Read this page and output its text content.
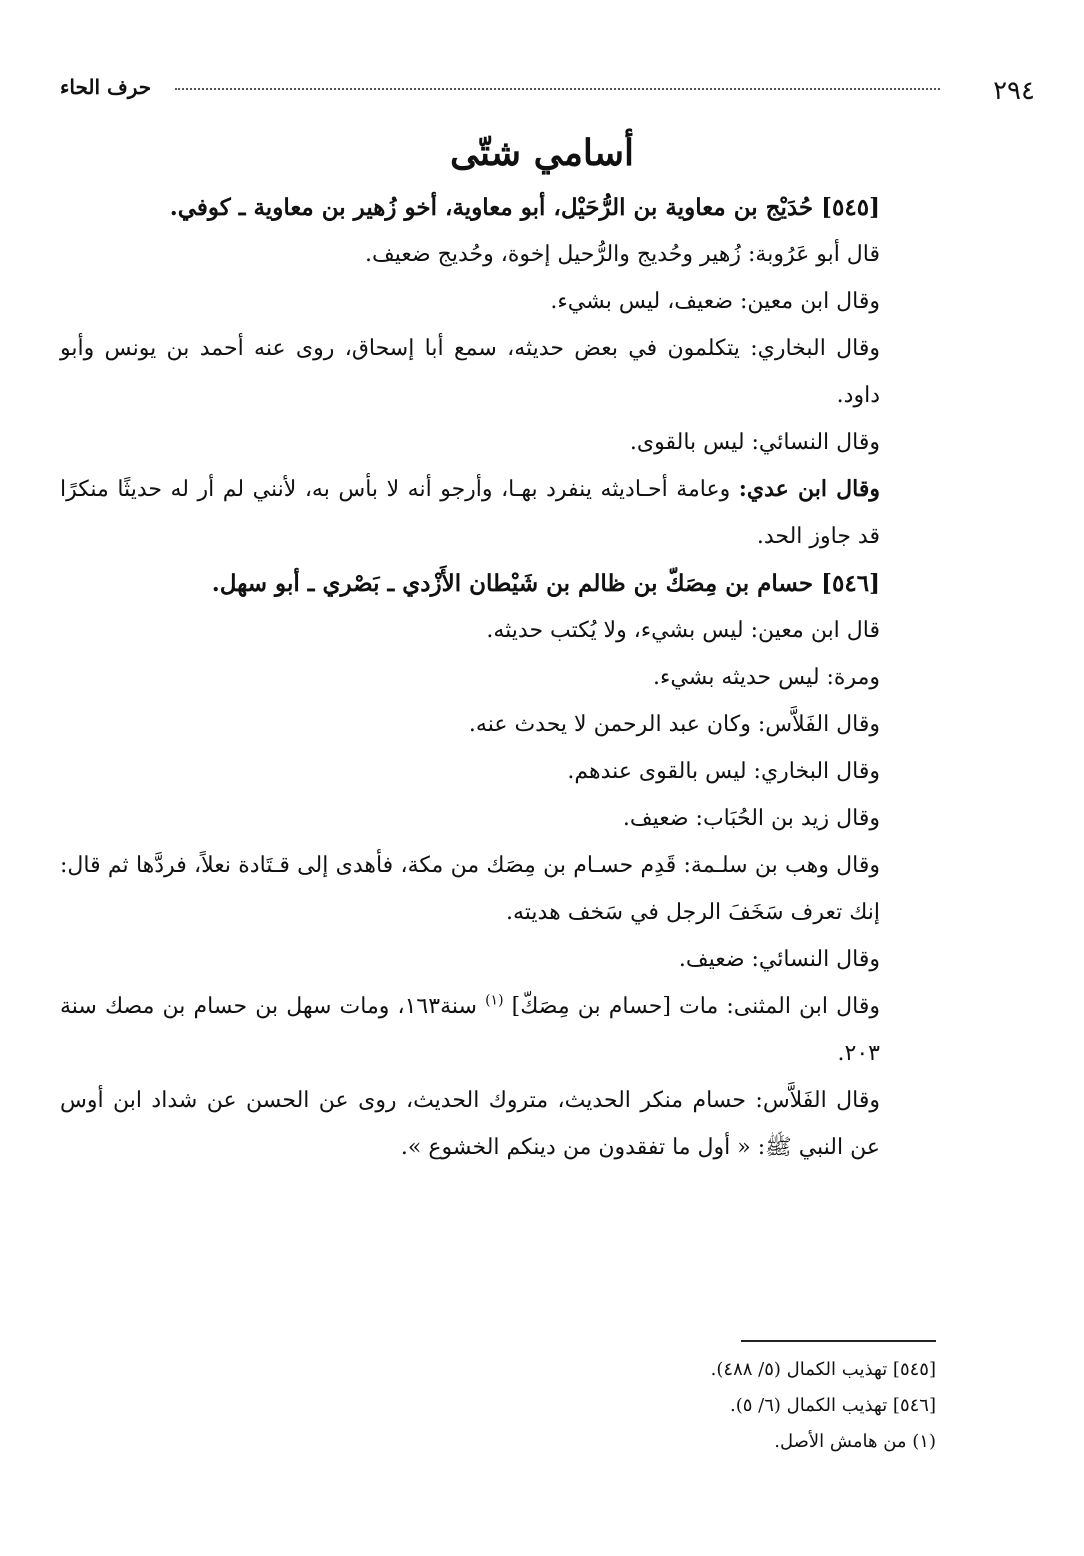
٢٩٤
حرف الحاء
أسامي شتّى

[٥٤٥] حُدَيْج بن معاوية بن الرُّحَيْل، أبو معاوية، أخو زُهير بن معاوية ـ كوفي.

قال أبو عَرُوبة: زُهير وحُديج والرُّحيل إخوة، وحُديج ضعيف.

وقال ابن معين: ضعيف، ليس بشيء.

وقال البخاري: يتكلمون في بعض حديثه، سمع أبا إسحاق، روى عنه أحمد بن يونس وأبو داود.

وقال النسائي: ليس بالقوى.

وقال ابن عدي: وعامة أحـاديثه ينفرد بهـا، وأرجو أنه لا بأس به، لأنني لم أر له حديثًا منكرًا قد جاوز الحد.

[٥٤٦] حسام بن مِصَكّ بن ظالم بن شَيْطان الأَزْدي ـ بَصْري ـ أبو سهل.

قال ابن معين: ليس بشيء، ولا يُكتب حديثه.

ومرة: ليس حديثه بشيء.

وقال الفَلاَّس: وكان عبد الرحمن لا يحدث عنه.

وقال البخاري: ليس بالقوى عندهم.

وقال زيد بن الحُبَاب: ضعيف.

وقال وهب بن سلـمة: قَدِم حسـام بن مِصَك من مكة، فأهدى إلى قـتَادة نعلاً، فردَّها ثم قال: إنك تعرف سَخَفَ الرجل في سَخف هديته.

وقال النسائي: ضعيف.

وقال ابن المثنى: مات [حسام بن مِصَكّ] $^{(١)}$ سنة١٦٣، ومات سهل بن حسام بن مصك سنة ٢٠٣.

وقال الفَلاَّس: حسام منكر الحديث، متروك الحديث، روى عن الحسن عن شداد ابن أوس عن النبي ﷺ: « أول ما تفقدون من دينكم الخشوع ».

[٥٤٥] تهذيب الكمال (٥/ ٤٨٨).

[٥٤٦] تهذيب الكمال (٦/ ٥).

(١) من هامش الأصل.
